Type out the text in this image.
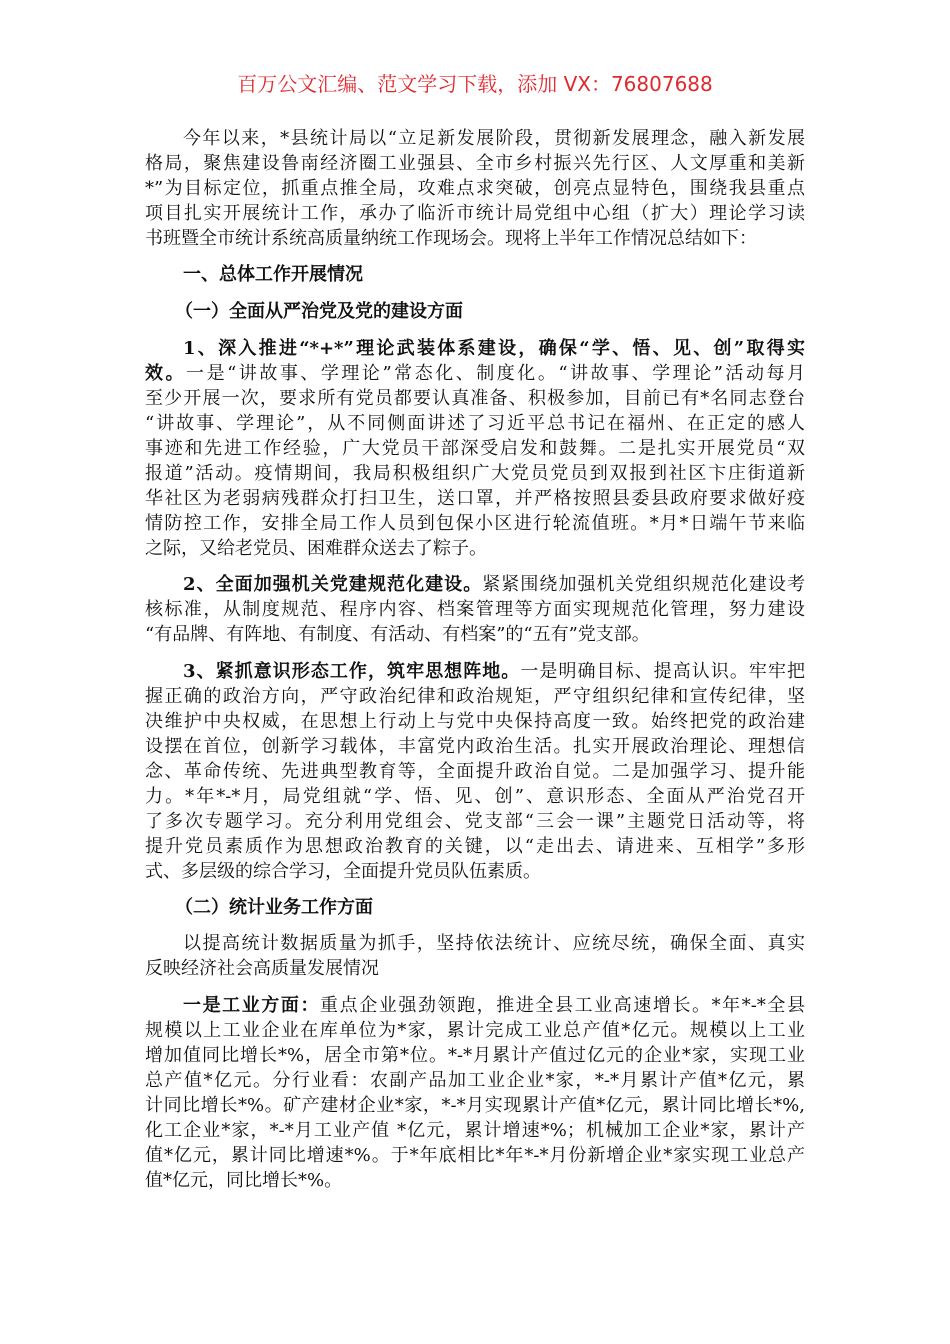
百万公文汇编、范文学习下载，添加 VX：76807688
今年以来，*县统计局以“立足新发展阶段，贯彻新发展理念，融入新发展
格局，聚焦建设鲁南经济圈工业强县、全市乡村振兴先行区、人文厚重和美新
*”为目标定位，抓重点推全局，攻难点求突破，创亮点显特色，围绕我县重点
项目扎实开展统计工作，承办了临沂市统计局党组中心组（扩大）理论学习读
书班暨全市统计系统高质量纳统工作现场会。现将上半年工作情况总结如下：
一、总体工作开展情况
（一）全面从严治党及党的建设方面
1、深入推进“*+*”理论武装体系建设，确保“学、悟、见、创”取得实
效。一是“讲故事、学理论”常态化、制度化。“讲故事、学理论”活动每月
至少开展一次，要求所有党员都要认真准备、积极参加，目前已有*名同志登台
“讲故事、学理论”，从不同侧面讲述了习近平总书记在福州、在正定的感人
事迹和先进工作经验，广大党员干部深受启发和鼓舞。二是扎实开展党员“双
报道”活动。疫情期间，我局积极组织广大党员党员到双报到社区卞庄街道新
华社区为老弱病残群众打扫卫生，送口罩，并严格按照县委县政府要求做好疫
情防控工作，安排全局工作人员到包保小区进行轮流值班。*月*日端午节来临
之际，又给老党员、困难群众送去了粽子。
2、全面加强机关党建规范化建设。紧紧围绕加强机关党组织规范化建设考
核标准，从制度规范、程序内容、档案管理等方面实现规范化管理，努力建设
“有品牌、有阵地、有制度、有活动、有档案”的“五有”党支部。
3、紧抓意识形态工作，筑牢思想阵地。一是明确目标、提高认识。牢牢把
握正确的政治方向，严守政治纪律和政治规矩，严守组织纪律和宣传纪律，坚
决维护中央权威，在思想上行动上与党中央保持高度一致。始终把党的政治建
设摆在首位，创新学习载体，丰富党内政治生活。扎实开展政治理论、理想信
念、革命传统、先进典型教育等，全面提升政治自觉。二是加强学习、提升能
力。*年*-*月，局党组就“学、悟、见、创”、意识形态、全面从严治党召开
了多次专题学习。充分利用党组会、党支部“三会一课”主题党日活动等，将
提升党员素质作为思想政治教育的关键，以“走出去、请进来、互相学”多形
式、多层级的综合学习，全面提升党员队伍素质。
（二）统计业务工作方面
以提高统计数据质量为抓手，坚持依法统计、应统尽统，确保全面、真实
反映经济社会高质量发展情况
一是工业方面：重点企业强劲领跑，推进全县工业高速增长。*年*-*全县
规模以上工业企业在库单位为*家，累计完成工业总产值*亿元。规模以上工业
增加值同比增长*%，居全市第*位。*-*月累计产值过亿元的企业*家，实现工业
总产值*亿元。分行业看：农副产品加工业企业*家，*-*月累计产值*亿元，累
计同比增长*%。矿产建材企业*家，*-*月实现累计产值*亿元，累计同比增长*%,
化工企业*家，*-*月工业产值 *亿元，累计增速*%；机械加工企业*家，累计产
值*亿元，累计同比增速*%。于*年底相比*年*-*月份新增企业*家实现工业总产
值*亿元，同比增长*%。
